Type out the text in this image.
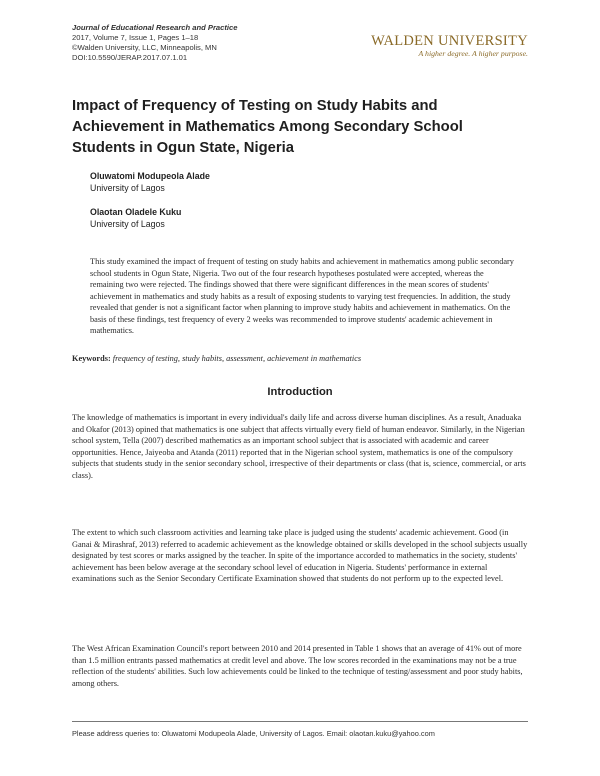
Journal of Educational Research and Practice
2017, Volume 7, Issue 1, Pages 1–18
©Walden University, LLC, Minneapolis, MN
DOI:10.5590/JERAP.2017.07.1.01
WALDEN UNIVERSITY
A higher degree. A higher purpose.
Impact of Frequency of Testing on Study Habits and Achievement in Mathematics Among Secondary School Students in Ogun State, Nigeria
Oluwatomi Modupeola Alade
University of Lagos
Olaotan Oladele Kuku
University of Lagos
This study examined the impact of frequent of testing on study habits and achievement in mathematics among public secondary school students in Ogun State, Nigeria. Two out of the four research hypotheses postulated were accepted, whereas the remaining two were rejected. The findings showed that there were significant differences in the mean scores of students' achievement in mathematics and study habits as a result of exposing students to varying test frequencies. In addition, the study revealed that gender is not a significant factor when planning to improve study habits and achievement in mathematics. On the basis of these findings, test frequency of every 2 weeks was recommended to improve students' academic achievement in mathematics.
Keywords: frequency of testing, study habits, assessment, achievement in mathematics
Introduction
The knowledge of mathematics is important in every individual's daily life and across diverse human disciplines. As a result, Anaduaka and Okafor (2013) opined that mathematics is one subject that affects virtually every field of human endeavor. Similarly, in the Nigerian school system, Tella (2007) described mathematics as an important school subject that is associated with academic and career opportunities. Hence, Jaiyeoba and Atanda (2011) reported that in the Nigerian school system, mathematics is one of the compulsory subjects that students study in the senior secondary school, irrespective of their departments or class (that is, science, commercial, or arts class).
The extent to which such classroom activities and learning take place is judged using the students' academic achievement. Good (in Ganai & Mirashraf, 2013) referred to academic achievement as the knowledge obtained or skills developed in the school subjects usually designated by test scores or marks assigned by the teacher. In spite of the importance accorded to mathematics in the society, students' achievement has been below average at the secondary school level of education in Nigeria. Students' performance in external examinations such as the Senior Secondary Certificate Examination showed that students do not perform up to the expected level.
The West African Examination Council's report between 2010 and 2014 presented in Table 1 shows that an average of 41% out of more than 1.5 million entrants passed mathematics at credit level and above. The low scores recorded in the examinations may not be a true reflection of the students' abilities. Such low achievements could be linked to the technique of testing/assessment and poor study habits, among others.
Please address queries to: Oluwatomi Modupeola Alade, University of Lagos. Email: olaotan.kuku@yahoo.com
